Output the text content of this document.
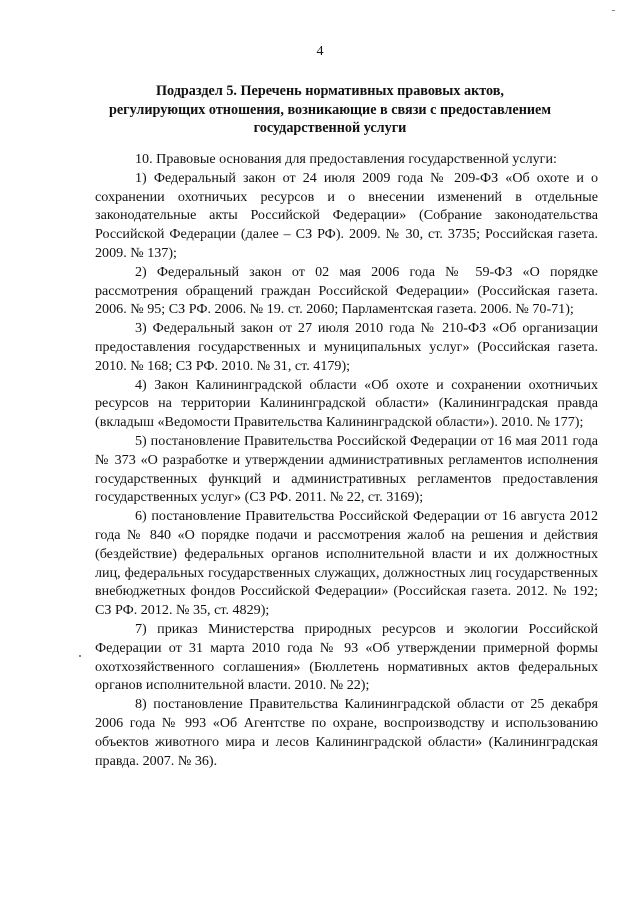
4
Подраздел 5. Перечень нормативных правовых актов,
регулирующих отношения, возникающие в связи с предоставлением
государственной услуги

10. Правовые основания для предоставления государственной услуги:

1) Федеральный закон от 24 июля 2009 года № 209-ФЗ «Об охоте и о сохранении охотничьих ресурсов и о внесении изменений в отдельные законодательные акты Российской Федерации» (Собрание законодательства Российской Федерации (далее – СЗ РФ). 2009. № 30, ст. 3735; Российская газета. 2009. № 137);

2) Федеральный закон от 02 мая 2006 года № 59-ФЗ «О порядке рассмотрения обращений граждан Российской Федерации» (Российская газета. 2006. № 95; СЗ РФ. 2006. № 19. ст. 2060; Парламентская газета. 2006. № 70-71);

3) Федеральный закон от 27 июля 2010 года № 210-ФЗ «Об организации предоставления государственных и муниципальных услуг» (Российская газета. 2010. № 168; СЗ РФ. 2010. № 31, ст. 4179);

4) Закон Калининградской области «Об охоте и сохранении охотничьих ресурсов на территории Калининградской области» (Калининградская правда (вкладыш «Ведомости Правительства Калининградской области»). 2010. № 177);

5) постановление Правительства Российской Федерации от 16 мая 2011 года № 373 «О разработке и утверждении административных регламентов исполнения государственных функций и административных регламентов предоставления государственных услуг» (СЗ РФ. 2011. № 22, ст. 3169);

6) постановление Правительства Российской Федерации от 16 августа 2012 года № 840 «О порядке подачи и рассмотрения жалоб на решения и действия (бездействие) федеральных органов исполнительной власти и их должностных лиц, федеральных государственных служащих, должностных лиц государственных внебюджетных фондов Российской Федерации» (Российская газета. 2012. № 192; СЗ РФ. 2012. № 35, ст. 4829);

7) приказ Министерства природных ресурсов и экологии Российской Федерации от 31 марта 2010 года № 93 «Об утверждении примерной формы охотхозяйственного соглашения» (Бюллетень нормативных актов федеральных органов исполнительной власти. 2010. № 22);

8) постановление Правительства Калининградской области от 25 декабря 2006 года № 993 «Об Агентстве по охране, воспроизводству и использованию объектов животного мира и лесов Калининградской области» (Калининградская правда. 2007. № 36).
